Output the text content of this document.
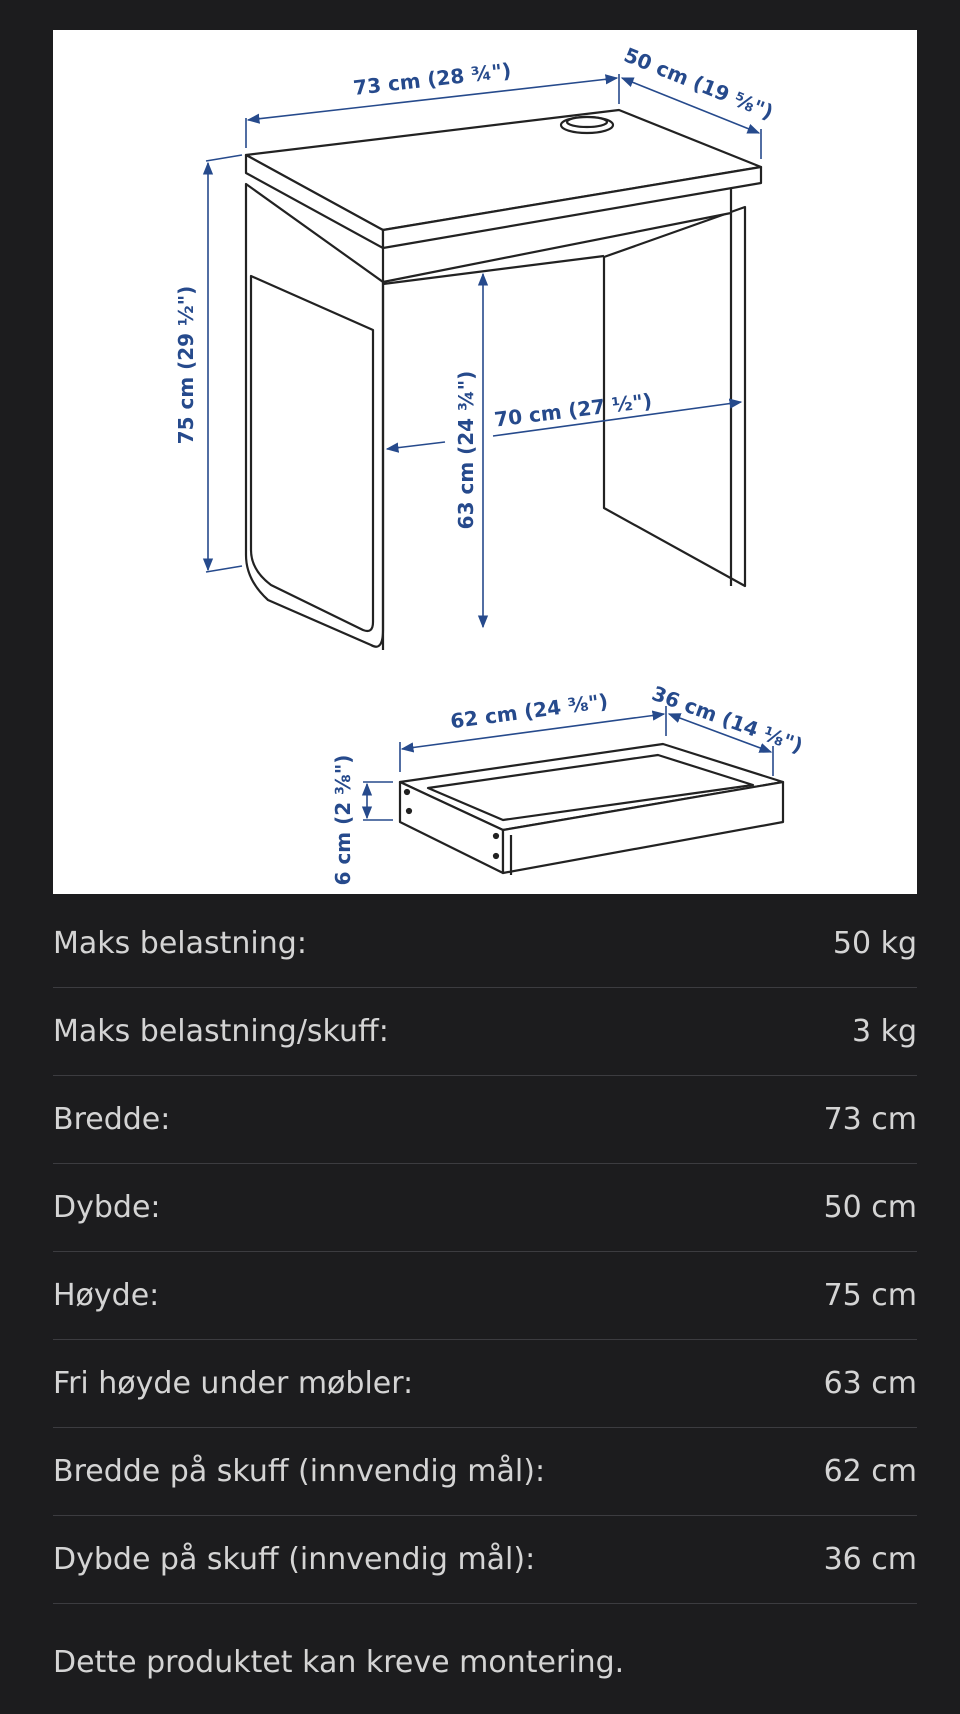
73 cm (28 ¾")	50 cm (19 ⅝")
75 cm (29 ½")
63 cm (24 ¾") 70 cm (27 ½")
62 cm (24 ⅜") 36 cm (14 ⅛")
6 cm (2 ⅜")
Maks belastning:	50 kg
Maks belastning/skuff:	3 kg
Bredde:	73 cm
Dybde:	50 cm
Høyde:	75 cm
Fri høyde under møbler:	63 cm
Bredde på skuff (innvendig mål):	62 cm
Dybde på skuff (innvendig mål):	36 cm
Dette produktet kan kreve montering.
